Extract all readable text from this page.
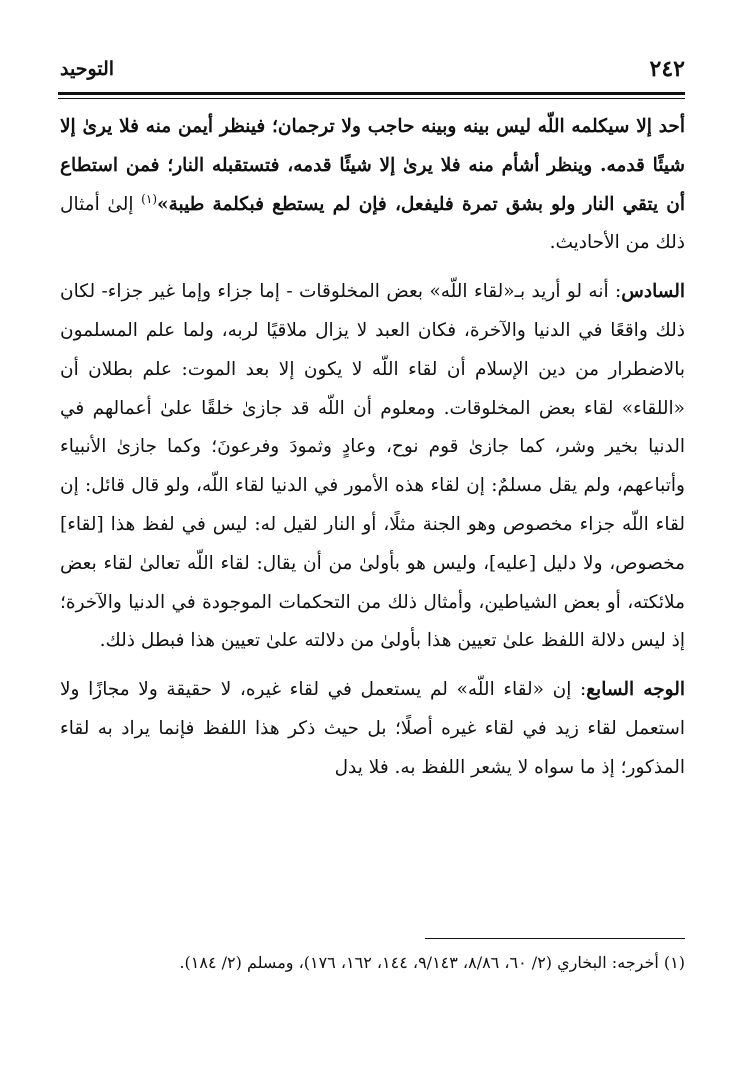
٢٤٢
التوحيد

أحد إلا سيكلمه اللّه ليس بينه وبينه حاجب ولا ترجمان؛ فينظر أيمن منه فلا يرىٰ إلا شيئًا قدمه. وينظر أشأم منه فلا يرىٰ إلا شيئًا قدمه، فتستقبله النار؛ فمن استطاع أن يتقي النار ولو بشق تمرة فليفعل، فإن لم يستطع فبكلمة طيبة»$^{(١)}$ إلىٰ أمثال ذلك من الأحاديث.

السادس: أنه لو أريد بـ«لقاء اللّه» بعض المخلوقات - إما جزاء وإما غير جزاء- لكان ذلك واقعًا في الدنيا والآخرة، فكان العبد لا يزال ملاقيًا لربه، ولما علم المسلمون بالاضطرار من دين الإسلام أن لقاء اللّه لا يكون إلا بعد الموت: علم بطلان أن «اللقاء» لقاء بعض المخلوقات. ومعلوم أن اللّه قد جازىٰ خلقًا علىٰ أعمالهم في الدنيا بخير وشر، كما جازىٰ قوم نوح، وعادٍ وثمودَ وفرعونَ؛ وكما جازىٰ الأنبياء وأتباعهم، ولم يقل مسلمٌ: إن لقاء هذه الأمور في الدنيا لقاء اللّه، ولو قال قائل: إن لقاء اللّه جزاء مخصوص وهو الجنة مثلًا، أو النار لقيل له: ليس في لفظ هذا [لقاء] مخصوص، ولا دليل [عليه]، وليس هو بأولىٰ من أن يقال: لقاء اللّه تعالىٰ لقاء بعض ملائكته، أو بعض الشياطين، وأمثال ذلك من التحكمات الموجودة في الدنيا والآخرة؛ إذ ليس دلالة اللفظ علىٰ تعيين هذا بأولىٰ من دلالته علىٰ تعيين هذا فبطل ذلك.

الوجه السابع: إن «لقاء اللّه» لم يستعمل في لقاء غيره، لا حقيقة ولا مجازًا ولا استعمل لقاء زيد في لقاء غيره أصلًا؛ بل حيث ذكر هذا اللفظ فإنما يراد به لقاء المذكور؛ إذ ما سواه لا يشعر اللفظ به. فلا يدل

(١) أخرجه: البخاري (٢/ ٦٠، ٨/٨٦، ٩/١٤٣، ١٤٤، ١٦٢، ١٧٦)، ومسلم (٢/ ١٨٤).
